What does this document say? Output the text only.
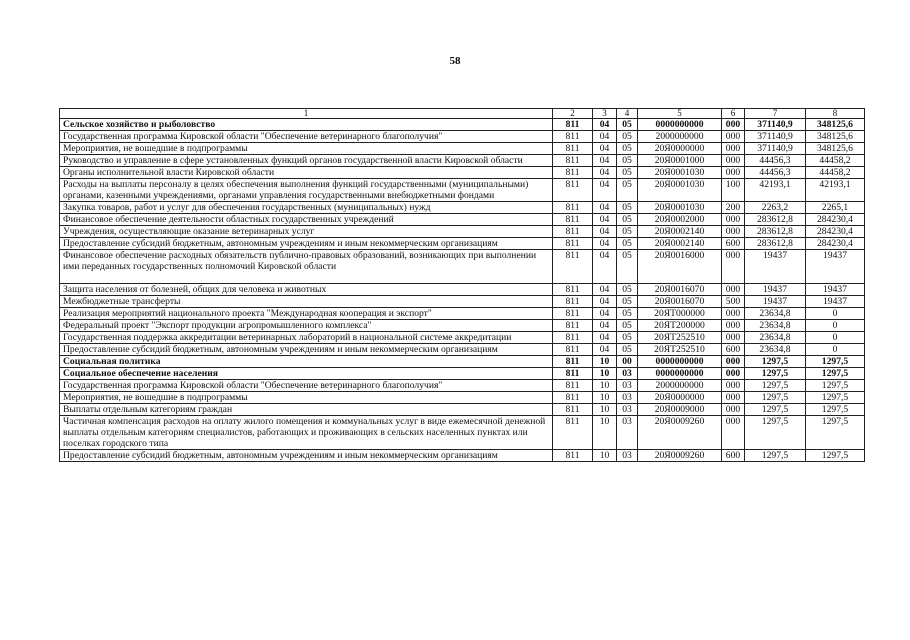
58
1	2	3	4	5	6	7	8
Сельское хозяйство и рыболовство	811	04	05	0000000000	000	371140,9	348125,6
Государственная программа Кировской области "Обеспечение ветеринарного благополучия"	811	04	05	2000000000	000	371140,9	348125,6
Мероприятия, не вошедшие в подпрограммы	811	04	05	20Я0000000	000	371140,9	348125,6
Руководство и управление в сфере установленных функций органов государственной власти Кировской области	811	04	05	20Я0001000	000	44456,3	44458,2
Органы исполнительной власти Кировской области	811	04	05	20Я0001030	000	44456,3	44458,2
Расходы на выплаты персоналу в целях обеспечения выполнения функций государственными (муниципальными) органами, казенными учреждениями, органами управления государственными внебюджетными фондами	811	04	05	20Я0001030	100	42193,1	42193,1
Закупка товаров, работ и услуг для обеспечения государственных (муниципальных) нужд	811	04	05	20Я0001030	200	2263,2	2265,1
Финансовое обеспечение деятельности областных государственных учреждений	811	04	05	20Я0002000	000	283612,8	284230,4
Учреждения, осуществляющие оказание ветеринарных услуг	811	04	05	20Я0002140	000	283612,8	284230,4
Предоставление субсидий бюджетным, автономным учреждениям и иным некоммерческим организациям	811	04	05	20Я0002140	600	283612,8	284230,4
Финансовое обеспечение расходных обязательств публично-правовых образований, возникающих при выполнении ими переданных государственных полномочий Кировской области	811	04	05	20Я0016000	000	19437	19437
Защита населения от болезней, общих для человека и животных	811	04	05	20Я0016070	000	19437	19437
Межбюджетные трансферты	811	04	05	20Я0016070	500	19437	19437
Реализация мероприятий национального проекта "Международная кооперация и экспорт"	811	04	05	20ЯТ000000	000	23634,8	0
Федеральный проект "Экспорт продукции агропромышленного комплекса"	811	04	05	20ЯТ200000	000	23634,8	0
Государственная поддержка аккредитации ветеринарных лабораторий в национальной системе аккредитации	811	04	05	20ЯТ252510	000	23634,8	0
Предоставление субсидий бюджетным, автономным учреждениям и иным некоммерческим организациям	811	04	05	20ЯТ252510	600	23634,8	0
Социальная политика	811	10	00	0000000000	000	1297,5	1297,5
Социальное обеспечение населения	811	10	03	0000000000	000	1297,5	1297,5
Государственная программа Кировской области "Обеспечение ветеринарного благополучия"	811	10	03	2000000000	000	1297,5	1297,5
Мероприятия, не вошедшие в подпрограммы	811	10	03	20Я0000000	000	1297,5	1297,5
Выплаты отдельным категориям граждан	811	10	03	20Я0009000	000	1297,5	1297,5
Частичная компенсация расходов на оплату жилого помещения и коммунальных услуг в виде ежемесячной денежной выплаты отдельным категориям специалистов, работающих и проживающих в сельских населенных пунктах или поселках городского типа	811	10	03	20Я0009260	000	1297,5	1297,5
Предоставление субсидий бюджетным, автономным учреждениям и иным некоммерческим организациям	811	10	03	20Я0009260	600	1297,5	1297,5
